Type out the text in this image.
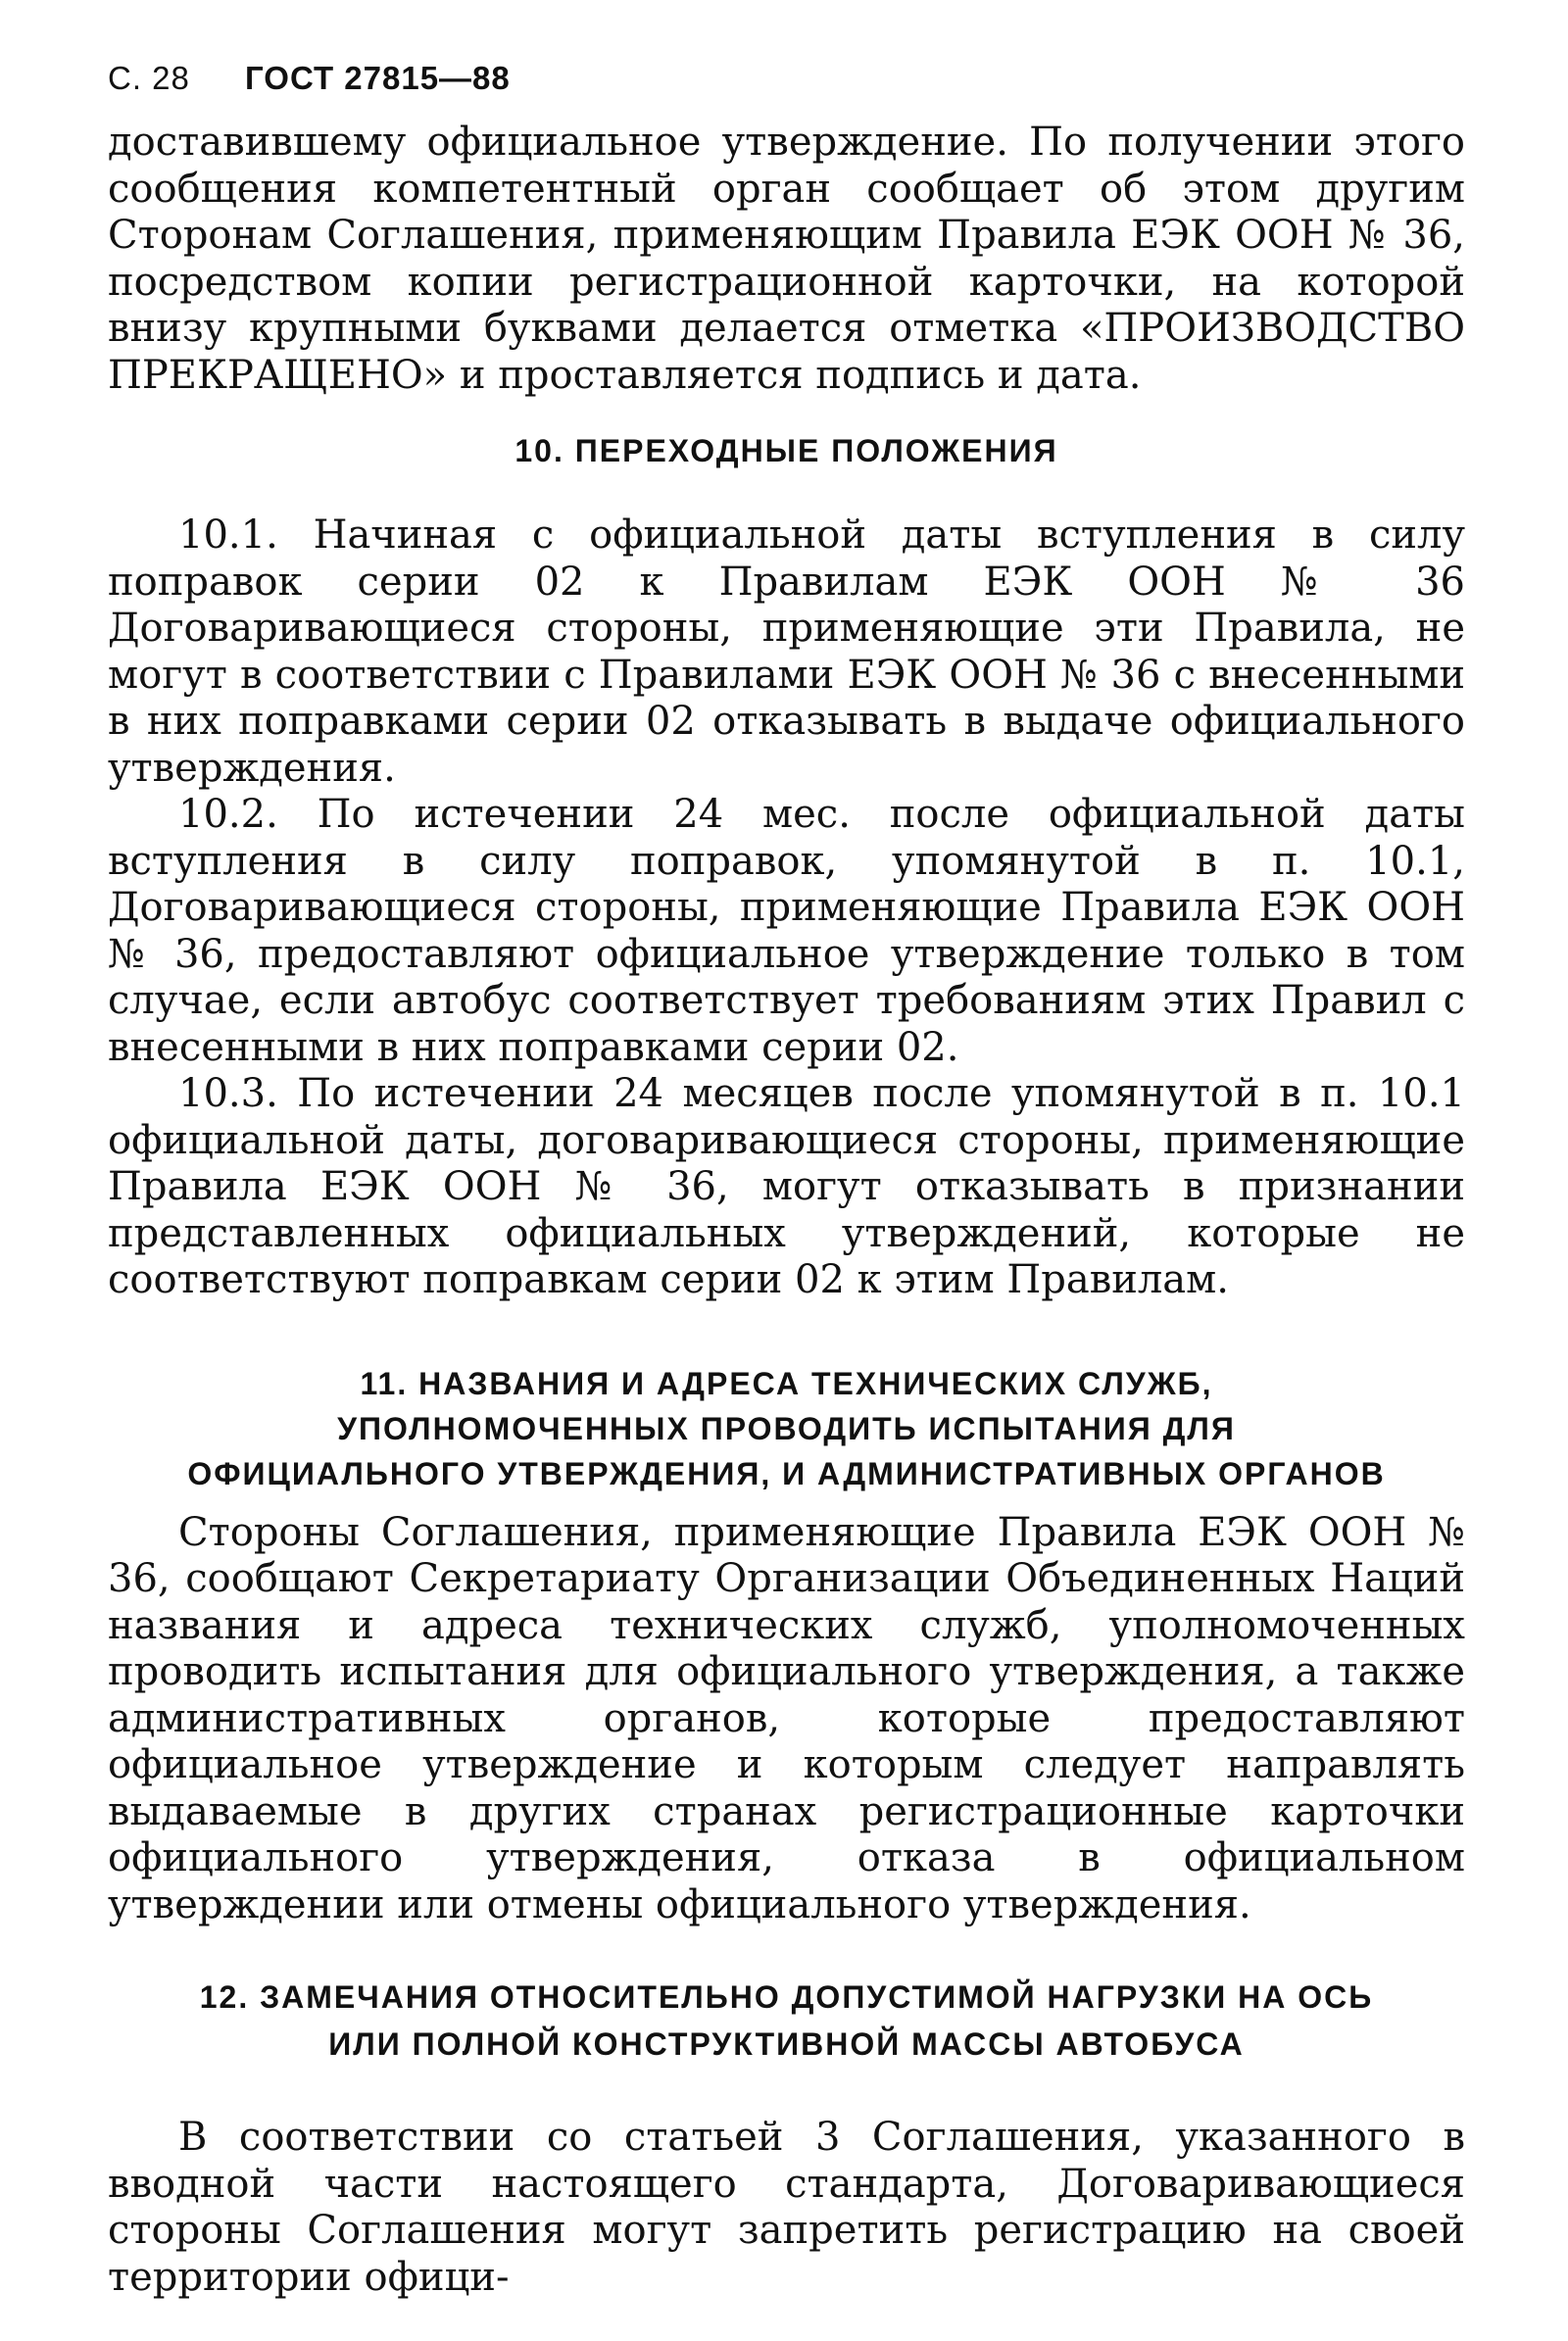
С. 28 ГОСТ 27815—88

доставившему официальное утверждение. По получении этого сообщения компетентный орган сообщает об этом другим Сторонам Соглашения, применяющим Правила ЕЭК ООН № 36, посредством копии регистрационной карточки, на которой внизу крупными буквами делается отметка «ПРОИЗВОДСТВО ПРЕКРАЩЕНО» и проставляется подпись и дата.

10. ПЕРЕХОДНЫЕ ПОЛОЖЕНИЯ

10.1. Начиная с официальной даты вступления в силу поправок серии 02 к Правилам ЕЭК ООН № 36 Договаривающиеся стороны, применяющие эти Правила, не могут в соответствии с Правилами ЕЭК ООН № 36 с внесенными в них поправками серии 02 отказывать в выдаче официального утверждения.

10.2. По истечении 24 мес. после официальной даты вступления в силу поправок, упомянутой в п. 10.1, Договаривающиеся стороны, применяющие Правила ЕЭК ООН № 36, предоставляют официальное утверждение только в том случае, если автобус соответствует требованиям этих Правил с внесенными в них поправками серии 02.

10.3. По истечении 24 месяцев после упомянутой в п. 10.1 официальной даты, договаривающиеся стороны, применяющие Правила ЕЭК ООН № 36, могут отказывать в признании представленных официальных утверждений, которые не соответствуют поправкам серии 02 к этим Правилам.

11. НАЗВАНИЯ И АДРЕСА ТЕХНИЧЕСКИХ СЛУЖБ,
УПОЛНОМОЧЕННЫХ ПРОВОДИТЬ ИСПЫТАНИЯ ДЛЯ
ОФИЦИАЛЬНОГО УТВЕРЖДЕНИЯ, И АДМИНИСТРАТИВНЫХ ОРГАНОВ

Стороны Соглашения, применяющие Правила ЕЭК ООН № 36, сообщают Секретариату Организации Объединенных Наций названия и адреса технических служб, уполномоченных проводить испытания для официального утверждения, а также административных органов, которые предоставляют официальное утверждение и которым следует направлять выдаваемые в других странах регистрационные карточки официального утверждения, отказа в официальном утверждении или отмены официального утверждения.

12. ЗАМЕЧАНИЯ ОТНОСИТЕЛЬНО ДОПУСТИМОЙ НАГРУЗКИ НА ОСЬ
ИЛИ ПОЛНОЙ КОНСТРУКТИВНОЙ МАССЫ АВТОБУСА

В соответствии со статьей 3 Соглашения, указанного в вводной части настоящего стандарта, Договаривающиеся стороны Соглашения могут запретить регистрацию на своей территории офици-
